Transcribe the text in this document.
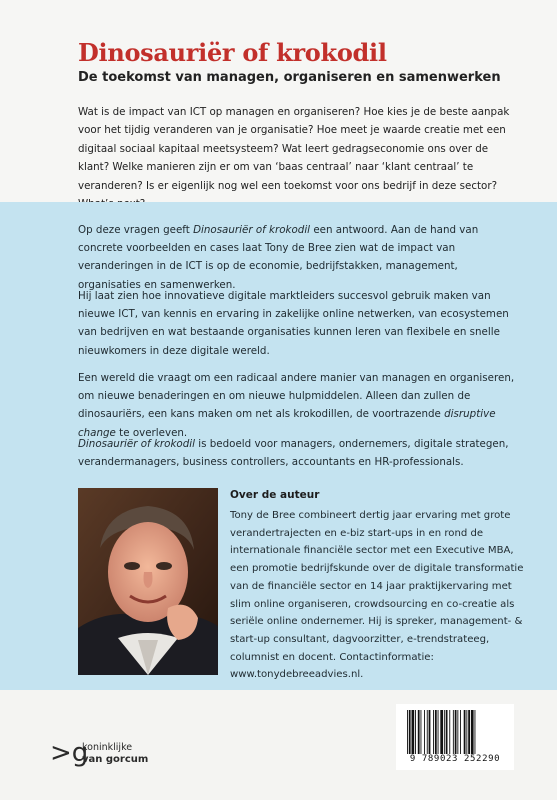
Dinosauriër of krokodil
De toekomst van managen, organiseren en samenwerken

Wat is de impact van ICT op managen en organiseren? Hoe kies je de beste aanpak voor het tijdig veranderen van je organisatie? Hoe meet je waarde creatie met een digitaal sociaal kapitaal meetsysteem? Wat leert gedragseconomie ons over de klant? Welke manieren zijn er om van ‘baas centraal’ naar ‘klant centraal’ te veranderen? Is er eigenlijk nog wel een toekomst voor ons bedrijf in deze sector?

Op deze vragen geeft Dinosauriër of krokodil een antwoord. Aan de hand van concrete voorbeelden en cases laat Tony de Bree zien wat de impact van veranderingen in de ICT is op de economie, bedrijfstakken, management, organisaties en samenwerken.

Hij laat zien hoe innovatieve digitale marktleiders succesvol gebruik maken van nieuwe ICT, van kennis en ervaring in zakelijke online netwerken, van ecosystemen van bedrijven en wat bestaande organisaties kunnen leren van flexibele en snelle nieuwkomers in deze digitale wereld.

Een wereld die vraagt om een radicaal andere manier van managen en organiseren, om nieuwe benaderingen en om nieuwe hulpmiddelen. Alleen dan zullen de dinosauriërs, een kans maken om net als krokodillen, de voortrazende disruptive change te overleven.

Dinosauriër of krokodil is bedoeld voor managers, ondernemers, digitale strategen, verandermanagers, business controllers, accountants en HR-professionals.

Over de auteur

Tony de Bree combineert dertig jaar ervaring met grote verandertrajecten en e-biz start-ups in en rond de internationale financiële sector met een Executive MBA, een promotie bedrijfskunde over de digitale transformatie van de financiële sector en 14 jaar praktijkervaring met slim online organiseren, crowdsourcing en co-creatie als seriële online ondernemer. Hij is spreker, management- & start-up consultant, dagvoorzitter, e-trendstrateeg, columnist en docent. Contactinformatie: www.tonydebreeadvies.nl.

>g
koninklijke
van gorcum	9 789023 252290
